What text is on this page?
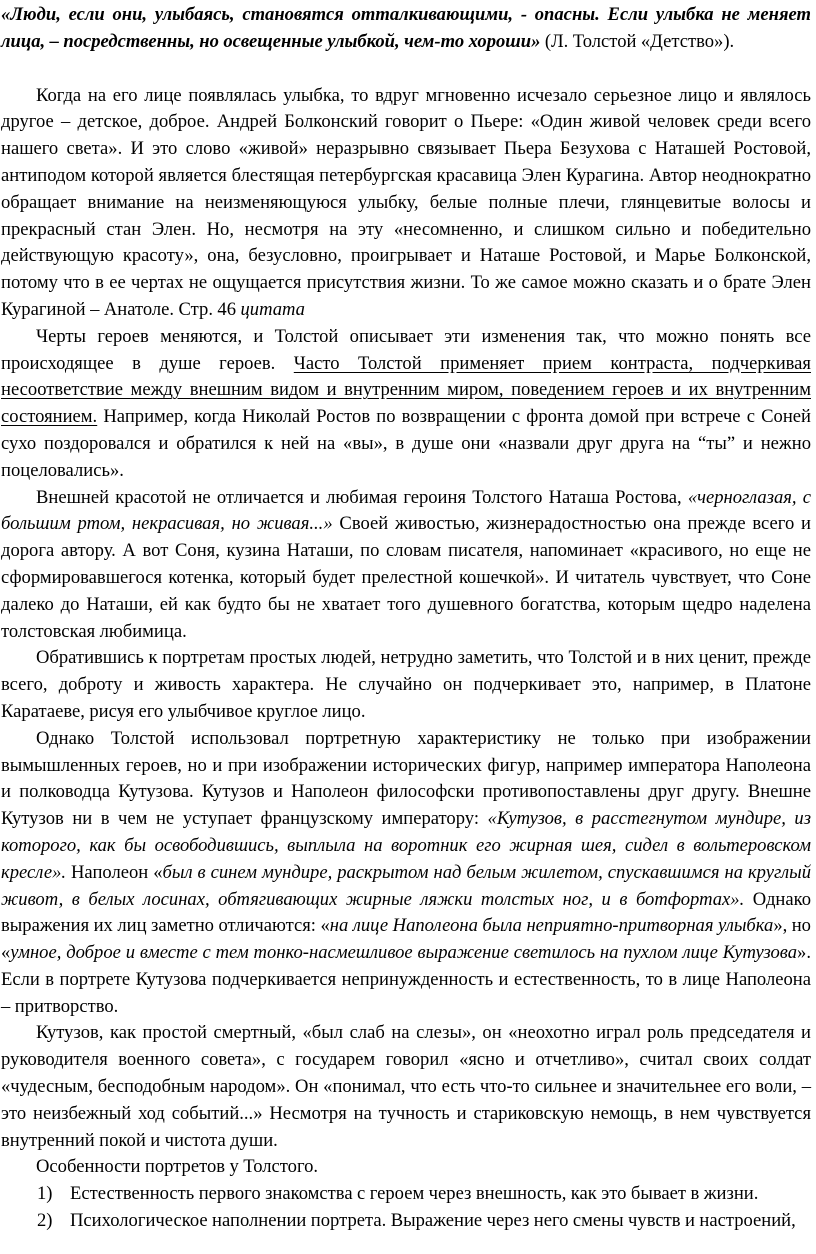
«Люди, если они, улыбаясь, становятся отталкивающими, - опасны. Если улыбка не меняет лица, – посредственны, но освещенные улыбкой, чем-то хороши» (Л. Толстой «Детство»).

Когда на его лице появлялась улыбка, то вдруг мгновенно исчезало серьезное лицо и являлось другое – детское, доброе. Андрей Болконский говорит о Пьере: «Один живой человек среди всего нашего света». И это слово «живой» неразрывно связывает Пьера Безухова с Наташей Ростовой, антиподом которой является блестящая петербургская красавица Элен Курагина. Автор неоднократно обращает внимание на неизменяющуюся улыбку, белые полные плечи, глянцевитые волосы и прекрасный стан Элен. Но, несмотря на эту «несомненно, и слишком сильно и победительно действующую красоту», она, безусловно, проигрывает и Наташе Ростовой, и Марье Болконской, потому что в ее чертах не ощущается присутствия жизни. То же самое можно сказать и о брате Элен Курагиной – Анатоле. Стр. 46 цитата

Черты героев меняются, и Толстой описывает эти изменения так, что можно понять все происходящее в душе героев. Часто Толстой применяет прием контраста, подчеркивая несоответствие между внешним видом и внутренним миром, поведением героев и их внутренним состоянием. Например, когда Николай Ростов по возвращении с фронта домой при встрече с Соней сухо поздоровался и обратился к ней на «вы», в душе они «назвали друг друга на “ты” и нежно поцеловались».

Внешней красотой не отличается и любимая героиня Толстого Наташа Ростова, «черноглазая, с большим ртом, некрасивая, но живая...» Своей живостью, жизнерадостностью она прежде всего и дорога автору. А вот Соня, кузина Наташи, по словам писателя, напоминает «красивого, но еще не сформировавшегося котенка, который будет прелестной кошечкой». И читатель чувствует, что Соне далеко до Наташи, ей как будто бы не хватает того душевного богатства, которым щедро наделена толстовская любимица.

Обратившись к портретам простых людей, нетрудно заметить, что Толстой и в них ценит, прежде всего, доброту и живость характера. Не случайно он подчеркивает это, например, в Платоне Каратаеве, рисуя его улыбчивое круглое лицо.

Однако Толстой использовал портретную характеристику не только при изображении вымышленных героев, но и при изображении исторических фигур, например императора Наполеона и полководца Кутузова. Кутузов и Наполеон философски противопоставлены друг другу. Внешне Кутузов ни в чем не уступает французскому императору: «Кутузов, в расстегнутом мундире, из которого, как бы освободившись, выплыла на воротник его жирная шея, сидел в вольтеровском кресле». Наполеон «был в синем мундире, раскрытом над белым жилетом, спускавшимся на круглый живот, в белых лосинах, обтягивающих жирные ляжки толстых ног, и в ботфортах». Однако выражения их лиц заметно отличаются: «на лице Наполеона была неприятно-притворная улыбка», но «умное, доброе и вместе с тем тонко-насмешливое выражение светилось на пухлом лице Кутузова». Если в портрете Кутузова подчеркивается непринужденность и естественность, то в лице Наполеона – притворство.

Кутузов, как простой смертный, «был слаб на слезы», он «неохотно играл роль председателя и руководителя военного совета», с государем говорил «ясно и отчетливо», считал своих солдат «чудесным, бесподобным народом». Он «понимал, что есть что-то сильнее и значительнее его воли, – это неизбежный ход событий...» Несмотря на тучность и стариковскую немощь, в нем чувствуется внутренний покой и чистота души.

Особенности портретов у Толстого.

1) Естественность первого знакомства с героем через внешность, как это бывает в жизни.
2) Психологическое наполнении портрета. Выражение через него смены чувств и настроений,
